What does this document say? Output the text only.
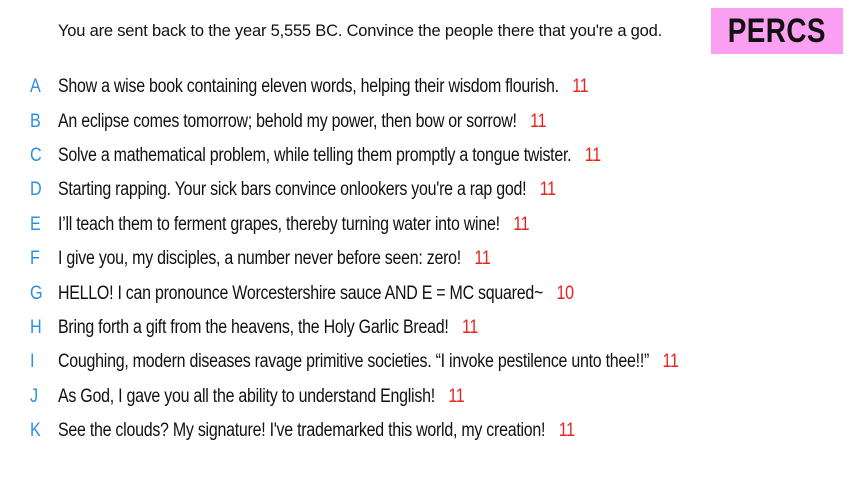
You are sent back to the year 5,555 BC. Convince the people there that you're a god. PERCS
A Show a wise book containing eleven words, helping their wisdom flourish. 11
B An eclipse comes tomorrow; behold my power, then bow or sorrow! 11
C Solve a mathematical problem, while telling them promptly a tongue twister. 11
D Starting rapping. Your sick bars convince onlookers you're a rap god! 11
E I’ll teach them to ferment grapes, thereby turning water into wine! 11
F I give you, my disciples, a number never before seen: zero! 11
G HELLO! I can pronounce Worcestershire sauce AND E = MC squared~ 10
H Bring forth a gift from the heavens, the Holy Garlic Bread! 11
I	Coughing, modern diseases ravage primitive societies. “I invoke pestilence unto thee!!” 11
J	As God, I gave you all the ability to understand English! 11
K See the clouds? My signature! I've trademarked this world, my creation! 11
